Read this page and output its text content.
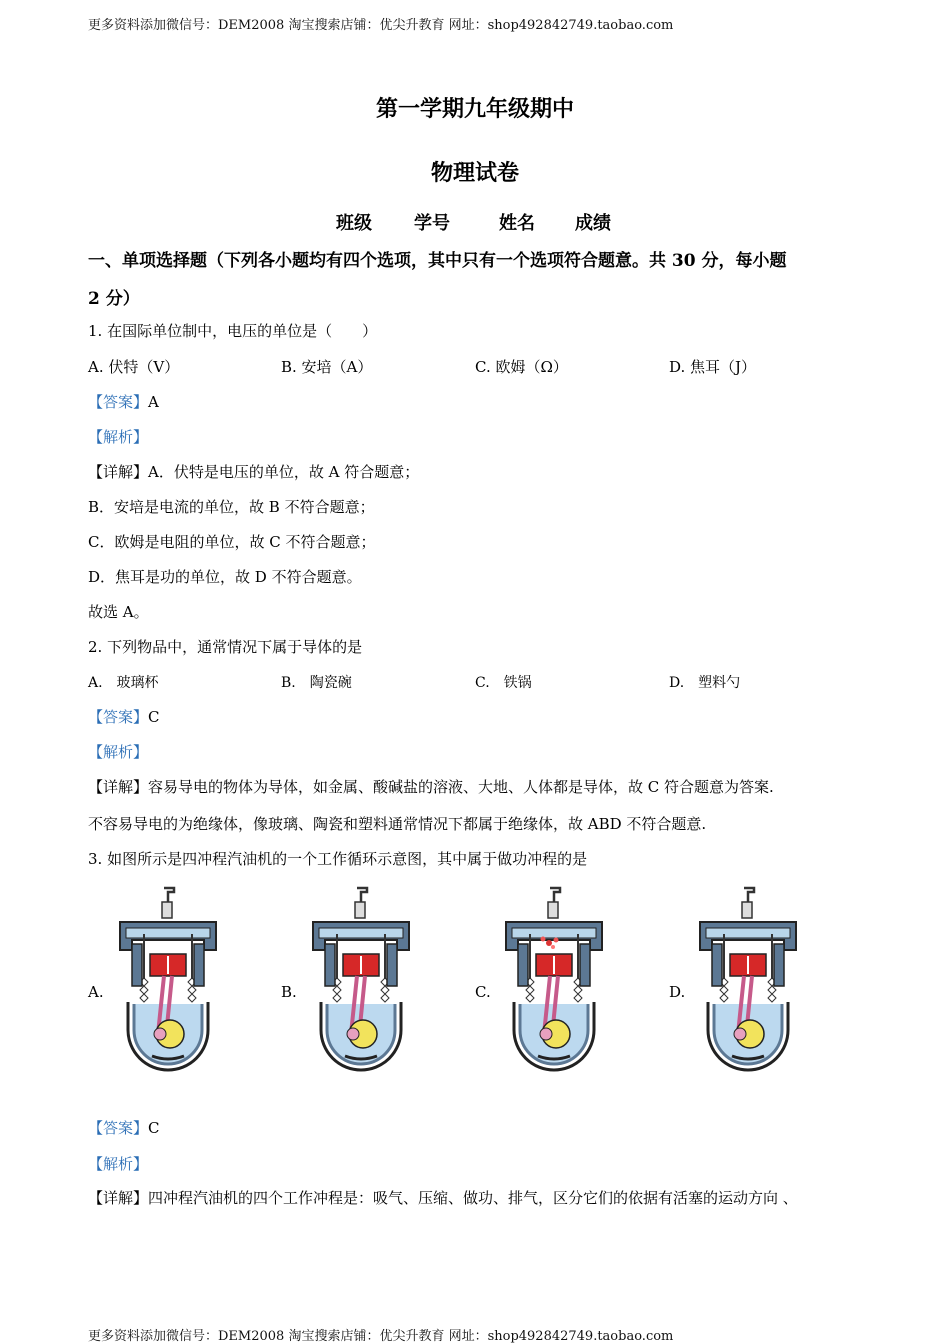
更多资料添加微信号：DEM2008 淘宝搜索店铺：优尖升教育 网址：shop492842749.taobao.com
第一学期九年级期中
物理试卷
班级 学号	姓名 成绩
一、单项选择题（下列各小题均有四个选项，其中只有一个选项符合题意。共 30 分，每小题
2 分）
1. 在国际单位制中，电压的单位是（　　）
A. 伏特（V）	B. 安培（A）	C. 欧姆（Ω）	D. 焦耳（J）
【答案】A
【解析】
【详解】A．伏特是电压的单位，故 A 符合题意；
B．安培是电流的单位，故 B 不符合题意；
C．欧姆是电阻的单位，故 C 不符合题意；
D．焦耳是功的单位，故 D 不符合题意。
故选 A。
2. 下列物品中，通常情况下属于导体的是
A.　玻璃杯	B.　陶瓷碗	C.　铁锅	D.　塑料勺
【答案】C
【解析】
【详解】容易导电的物体为导体，如金属、酸碱盐的溶液、大地、人体都是导体，故 C 符合题意为答案.
不容易导电的为绝缘体，像玻璃、陶瓷和塑料通常情况下都属于绝缘体，故 ABD 不符合题意.
3. 如图所示是四冲程汽油机的一个工作循环示意图，其中属于做功冲程的是
A.	B.	C.	D.
【答案】C
【解析】
【详解】四冲程汽油机的四个工作冲程是：吸气、压缩、做功、排气，区分它们的依据有活塞的运动方向 、
更多资料添加微信号：DEM2008 淘宝搜索店铺：优尖升教育 网址：shop492842749.taobao.com
